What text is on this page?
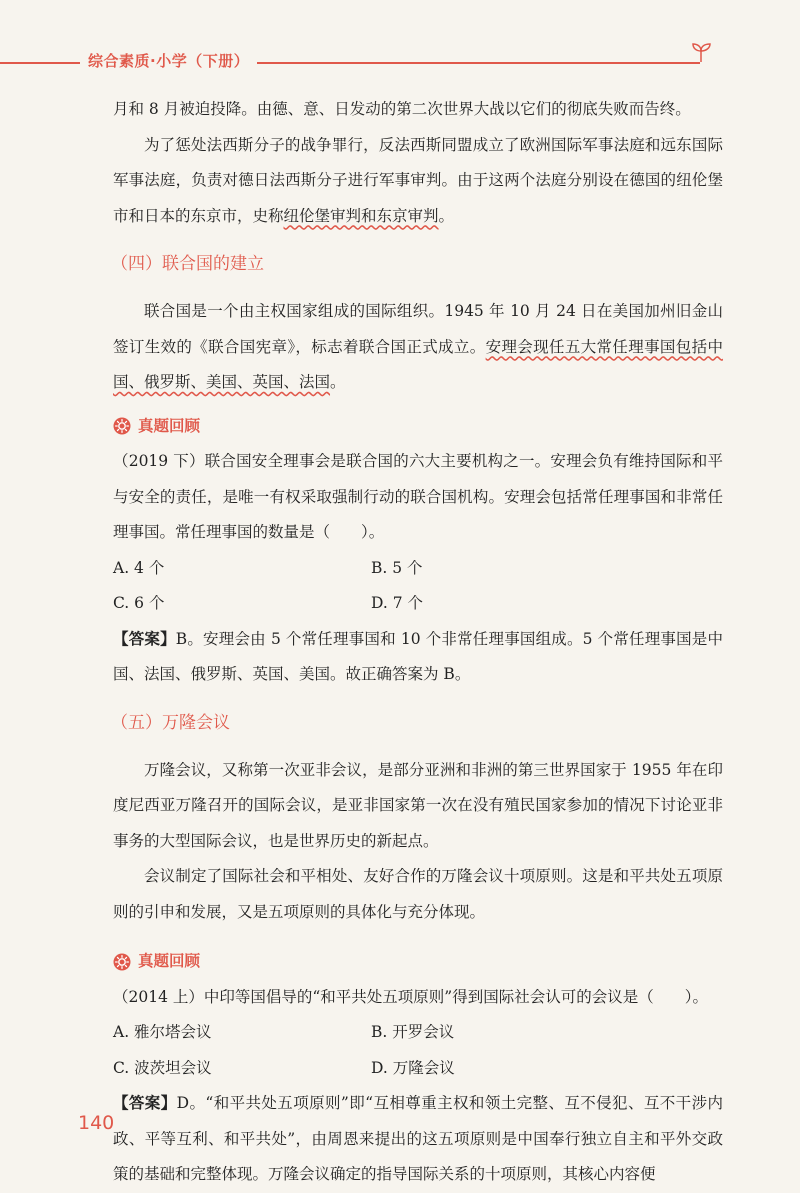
综合素质·小学（下册）

月和 8 月被迫投降。由德、意、日发动的第二次世界大战以它们的彻底失败而告终。

为了惩处法西斯分子的战争罪行，反法西斯同盟成立了欧洲国际军事法庭和远东国际军事法庭，负责对德日法西斯分子进行军事审判。由于这两个法庭分别设在德国的纽伦堡市和日本的东京市，史称纽伦堡审判和东京审判。

（四）联合国的建立

联合国是一个由主权国家组成的国际组织。1945 年 10 月 24 日在美国加州旧金山签订生效的《联合国宪章》，标志着联合国正式成立。安理会现任五大常任理事国包括中国、俄罗斯、美国、英国、法国。

真题回顾

（2019 下）联合国安全理事会是联合国的六大主要机构之一。安理会负有维持国际和平与安全的责任，是唯一有权采取强制行动的联合国机构。安理会包括常任理事国和非常任理事国。常任理事国的数量是（　　）。

A. 4 个	B. 5 个
C. 6 个	D. 7 个

【答案】B。安理会由 5 个常任理事国和 10 个非常任理事国组成。5 个常任理事国是中国、法国、俄罗斯、英国、美国。故正确答案为 B。

（五）万隆会议

万隆会议，又称第一次亚非会议，是部分亚洲和非洲的第三世界国家于 1955 年在印度尼西亚万隆召开的国际会议，是亚非国家第一次在没有殖民国家参加的情况下讨论亚非事务的大型国际会议，也是世界历史的新起点。

会议制定了国际社会和平相处、友好合作的万隆会议十项原则。这是和平共处五项原则的引申和发展，又是五项原则的具体化与充分体现。

真题回顾

（2014 上）中印等国倡导的“和平共处五项原则”得到国际社会认可的会议是（　　）。

A. 雅尔塔会议	B. 开罗会议
C. 波茨坦会议	D. 万隆会议

【答案】D。“和平共处五项原则”即“互相尊重主权和领土完整、互不侵犯、互不干涉内政、平等互利、和平共处”，由周恩来提出的这五项原则是中国奉行独立自主和平外交政策的基础和完整体现。万隆会议确定的指导国际关系的十项原则，其核心内容便

140
